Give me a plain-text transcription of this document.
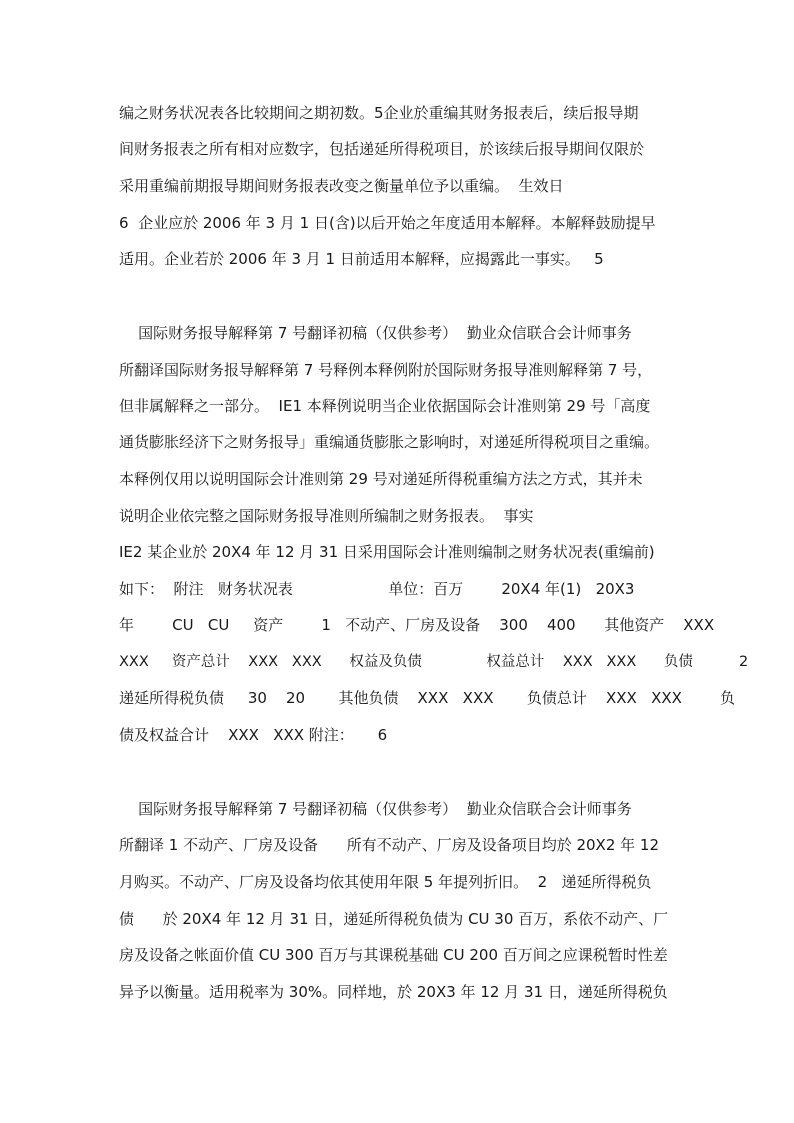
编之财务状况表各比较期间之期初数。5企业於重编其财务报表后，续后报导期
间财务报表之所有相对应数字，包括递延所得税项目，於该续后报导期间仅限於
采用重编前期报导期间财务报表改变之衡量单位予以重编。  生效日
6  企业应於 2006 年 3 月 1 日(含)以后开始之年度适用本解释。本解释鼓励提早
适用。企业若於 2006 年 3 月 1 日前适用本解释，应揭露此一事实。   5
国际财务报导解释第 7 号翻译初稿（仅供参考）  勤业众信联合会计师事务
所翻译国际财务报导解释第 7 号释例本释例附於国际财务报导准则解释第 7 号，
但非属解释之一部分。  IE1 本释例说明当企业依据国际会计准则第 29 号「高度
通货膨胀经济下之财务报导」重编通货膨胀之影响时，对递延所得税项目之重编。
本释例仅用以说明国际会计准则第 29 号对递延所得税重编方法之方式，其并未
说明企业依完整之国际财务报导准则所编制之财务报表。  事实
IE2 某企业於 20X4 年 12 月 31 日采用国际会计准则编制之财务状况表(重编前)
如下：  附注   财务状况表                    单位：百万        20X4 年(1)   20X3
年        CU   CU     资产        1   不动产、厂房及设备    300    400      其他资产    XXX
XXX     资产总计    XXX   XXX      权益及负债              权益总计    XXX   XXX      负债          2
递延所得税负债     30    20       其他负债    XXX   XXX       负债总计    XXX   XXX        负
债及权益合计    XXX   XXX 附注：     6
国际财务报导解释第 7 号翻译初稿（仅供参考）  勤业众信联合会计师事务
所翻译 1 不动产、厂房及设备      所有不动产、厂房及设备项目均於 20X2 年 12
月购买。不动产、厂房及设备均依其使用年限 5 年提列折旧。  2   递延所得税负
债      於 20X4 年 12 月 31 日，递延所得税负债为 CU 30 百万，系依不动产、厂
房及设备之帐面价值 CU 300 百万与其课税基础 CU 200 百万间之应课税暂时性差
异予以衡量。适用税率为 30%。同样地，於 20X3 年 12 月 31 日，递延所得税负
